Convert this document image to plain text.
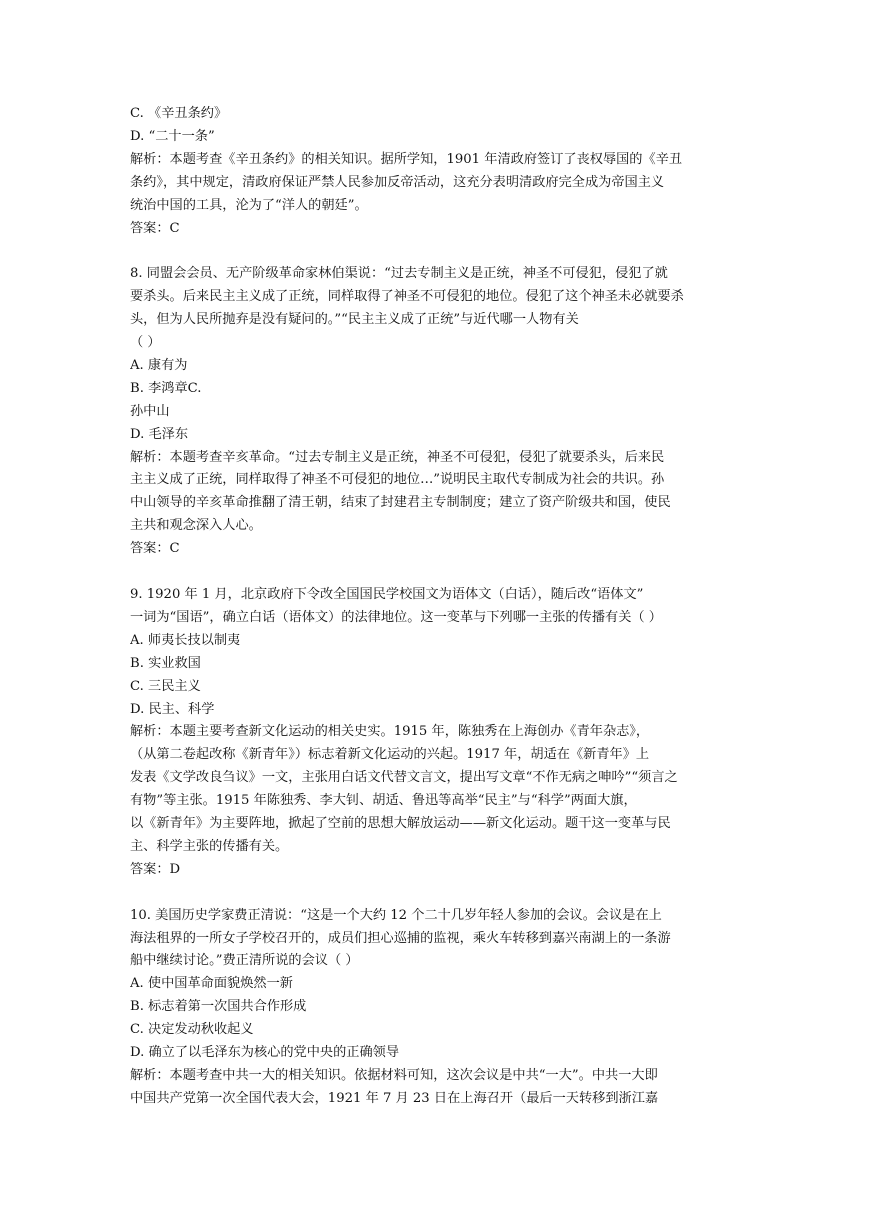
C. 《辛丑条约》
D. “二十一条”
解析：本题考查《辛丑条约》的相关知识。据所学知，1901 年清政府签订了丧权辱国的《辛丑
条约》，其中规定，清政府保证严禁人民参加反帝活动，这充分表明清政府完全成为帝国主义
统治中国的工具，沦为了“洋人的朝廷”。
答案：C
8. 同盟会会员、无产阶级革命家林伯渠说：“过去专制主义是正统，神圣不可侵犯，侵犯了就
要杀头。后来民主主义成了正统，同样取得了神圣不可侵犯的地位。侵犯了这个神圣未必就要杀
头，但为人民所抛弃是没有疑问的。”“民主主义成了正统”与近代哪一人物有关
（ ）
A. 康有为
B. 李鸿章C.
孙中山
D. 毛泽东
解析：本题考查辛亥革命。“过去专制主义是正统，神圣不可侵犯，侵犯了就要杀头，后来民
主主义成了正统，同样取得了神圣不可侵犯的地位…”说明民主取代专制成为社会的共识。孙
中山领导的辛亥革命推翻了清王朝，结束了封建君主专制制度；建立了资产阶级共和国，使民
主共和观念深入人心。
答案：C
9. 1920 年 1 月，北京政府下令改全国国民学校国文为语体文（白话），随后改“语体文”
一词为“国语”，确立白话（语体文）的法律地位。这一变革与下列哪一主张的传播有关（ ）
A. 师夷长技以制夷
B. 实业救国
C. 三民主义
D. 民主、科学
解析：本题主要考查新文化运动的相关史实。1915 年，陈独秀在上海创办《青年杂志》，
（从第二卷起改称《新青年》）标志着新文化运动的兴起。1917 年，胡适在《新青年》上
发表《文学改良刍议》一文，主张用白话文代替文言文，提出写文章“不作无病之呻吟”“须言之
有物”等主张。1915 年陈独秀、李大钊、胡适、鲁迅等高举“民主”与“科学”两面大旗，
以《新青年》为主要阵地，掀起了空前的思想大解放运动——新文化运动。题干这一变革与民
主、科学主张的传播有关。
答案：D
10. 美国历史学家费正清说：“这是一个大约 12 个二十几岁年轻人参加的会议。会议是在上
海法租界的一所女子学校召开的，成员们担心巡捕的监视，乘火车转移到嘉兴南湖上的一条游
船中继续讨论。”费正清所说的会议（ ）
A. 使中国革命面貌焕然一新
B. 标志着第一次国共合作形成
C. 决定发动秋收起义
D. 确立了以毛泽东为核心的党中央的正确领导
解析：本题考查中共一大的相关知识。依据材料可知，这次会议是中共“一大”。中共一大即
中国共产党第一次全国代表大会，1921 年 7 月 23 日在上海召开（最后一天转移到浙江嘉
